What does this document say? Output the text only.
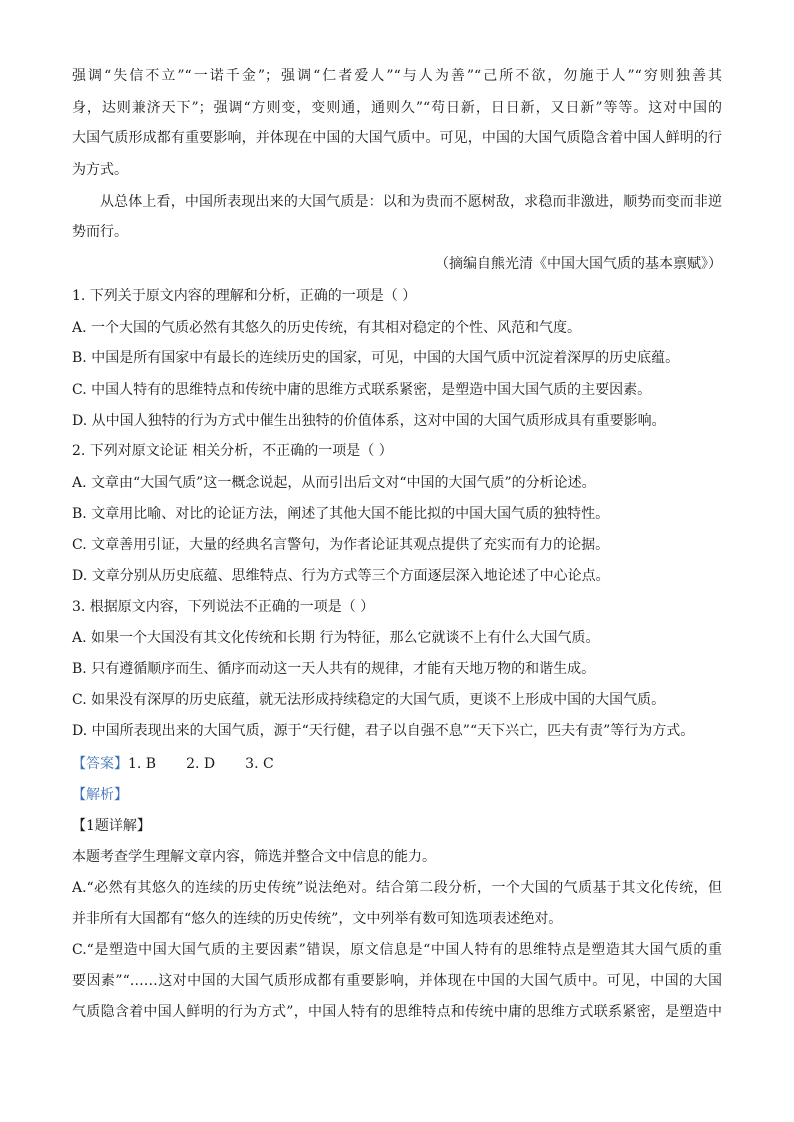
强调“失信不立”“一诺千金”；强调“仁者爱人”“与人为善”“己所不欲，勿施于人”“穷则独善其
身，达则兼济天下”；强调“方则变，变则通，通则久”“苟日新，日日新，又日新”等等。这对中国的
大国气质形成都有重要影响，并体现在中国的大国气质中。可见，中国的大国气质隐含着中国人鲜明的行
为方式。
从总体上看，中国所表现出来的大国气质是：以和为贵而不愿树敌，求稳而非激进，顺势而变而非逆
势而行。
（摘编自熊光清《中国大国气质的基本禀赋》）
1. 下列关于原文内容的理解和分析，正确的一项是（ ）
A. 一个大国的气质必然有其悠久的历史传统，有其相对稳定的个性、风范和气度。
B. 中国是所有国家中有最长的连续历史的国家，可见，中国的大国气质中沉淀着深厚的历史底蕴。
C. 中国人特有的思维特点和传统中庸的思维方式联系紧密，是塑造中国大国气质的主要因素。
D. 从中国人独特的行为方式中催生出独特的价值体系，这对中国的大国气质形成具有重要影响。
2. 下列对原文论证 相关分析，不正确的一项是（ ）
A. 文章由“大国气质”这一概念说起，从而引出后文对“中国的大国气质”的分析论述。
B. 文章用比喻、对比的论证方法，阐述了其他大国不能比拟的中国大国气质的独特性。
C. 文章善用引证，大量的经典名言警句，为作者论证其观点提供了充实而有力的论据。
D. 文章分别从历史底蕴、思维特点、行为方式等三个方面逐层深入地论述了中心论点。
3. 根据原文内容，下列说法不正确的一项是（ ）
A. 如果一个大国没有其文化传统和长期 行为特征，那么它就谈不上有什么大国气质。
B. 只有遵循顺序而生、循序而动这一天人共有的规律，才能有天地万物的和谐生成。
C. 如果没有深厚的历史底蕴，就无法形成持续稳定的大国气质，更谈不上形成中国的大国气质。
D. 中国所表现出来的大国气质，源于“天行健，君子以自强不息”“天下兴亡，匹夫有责”等行为方式。
【答案】1. B 2. D 3. C
【解析】
【1题详解】
本题考查学生理解文章内容，筛选并整合文中信息的能力。
A.“必然有其悠久的连续的历史传统”说法绝对。结合第二段分析，一个大国的气质基于其文化传统，但
并非所有大国都有“悠久的连续的历史传统”，文中列举有数可知选项表述绝对。
C.“是塑造中国大国气质的主要因素”错误，原文信息是“中国人特有的思维特点是塑造其大国气质的重
要因素”“……这对中国的大国气质形成都有重要影响，并体现在中国的大国气质中。可见，中国的大国
气质隐含着中国人鲜明的行为方式”，中国人特有的思维特点和传统中庸的思维方式联系紧密，是塑造中
